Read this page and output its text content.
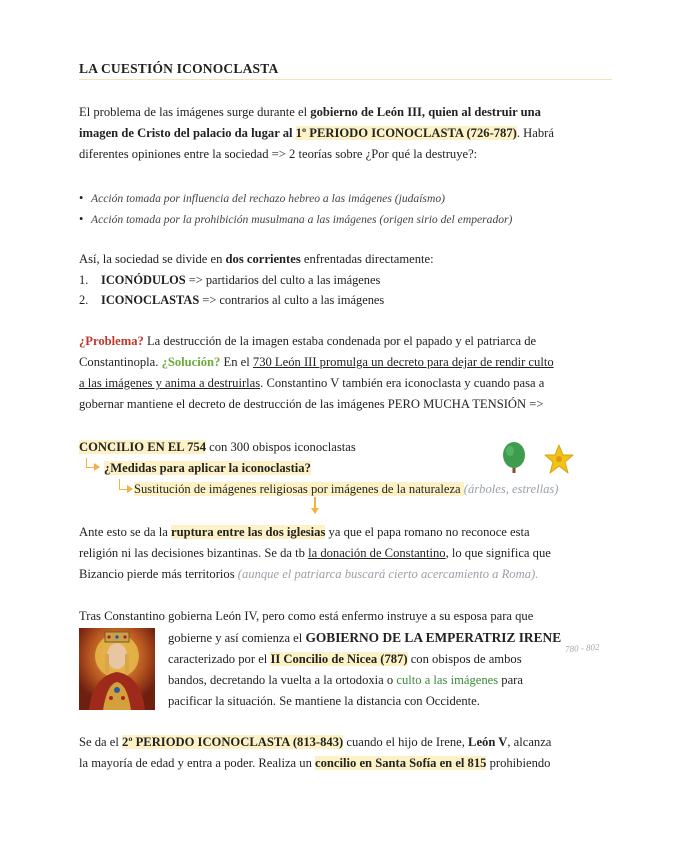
LA CUESTIÓN ICONOCLASTA
El problema de las imágenes surge durante el gobierno de León III, quien al destruir una
imagen de Cristo del palacio da lugar al 1º PERIODO ICONOCLASTA (726-787). Habrá
diferentes opiniones entre la sociedad => 2 teorías sobre ¿Por qué la destruye?:
• Acción tomada por influencia del rechazo hebreo a las imágenes (judaísmo)
• Acción tomada por la prohibición musulmana a las imágenes (origen sirio del emperador)
Así, la sociedad se divide en dos corrientes enfrentadas directamente:
1. ICONÓDULOS => partidarios del culto a las imágenes
2. ICONOCLASTAS => contrarios al culto a las imágenes
¿Problema? La destrucción de la imagen estaba condenada por el papado y el patriarca de
Constantinopla. ¿Solución? En el 730 León III promulga un decreto para dejar de rendir culto
a las imágenes y anima a destruirlas. Constantino V también era iconoclasta y cuando pasa a
gobernar mantiene el decreto de destrucción de las imágenes PERO MUCHA TENSIÓN =>
CONCILIO EN EL 754 con 300 obispos iconoclastas
¿Medidas para aplicar la iconoclastia?
Sustitución de imágenes religiosas por imágenes de la naturaleza (árboles, estrellas)
Ante esto se da la ruptura entre las dos iglesias ya que el papa romano no reconoce esta
religión ni las decisiones bizantinas. Se da tb la donación de Constantino, lo que significa que
Bizancio pierde más territorios (aunque el patriarca buscará cierto acercamiento a Roma).
Tras Constantino gobierna León IV, pero como está enfermo instruye a su esposa para que
gobierne y así comienza el GOBIERNO DE LA EMPERATRIZ IRENE
caracterizado por el II Concilio de Nicea (787) con obispos de ambos
bandos, decretando la vuelta a la ortodoxia o culto a las imágenes para
pacificar la situación. Se mantiene la distancia con Occidente.
780 - 802
Se da el 2º PERIODO ICONOCLASTA (813-843) cuando el hijo de Irene, León V, alcanza
la mayoría de edad y entra a poder. Realiza un concilio en Santa Sofía en el 815 prohibiendo
